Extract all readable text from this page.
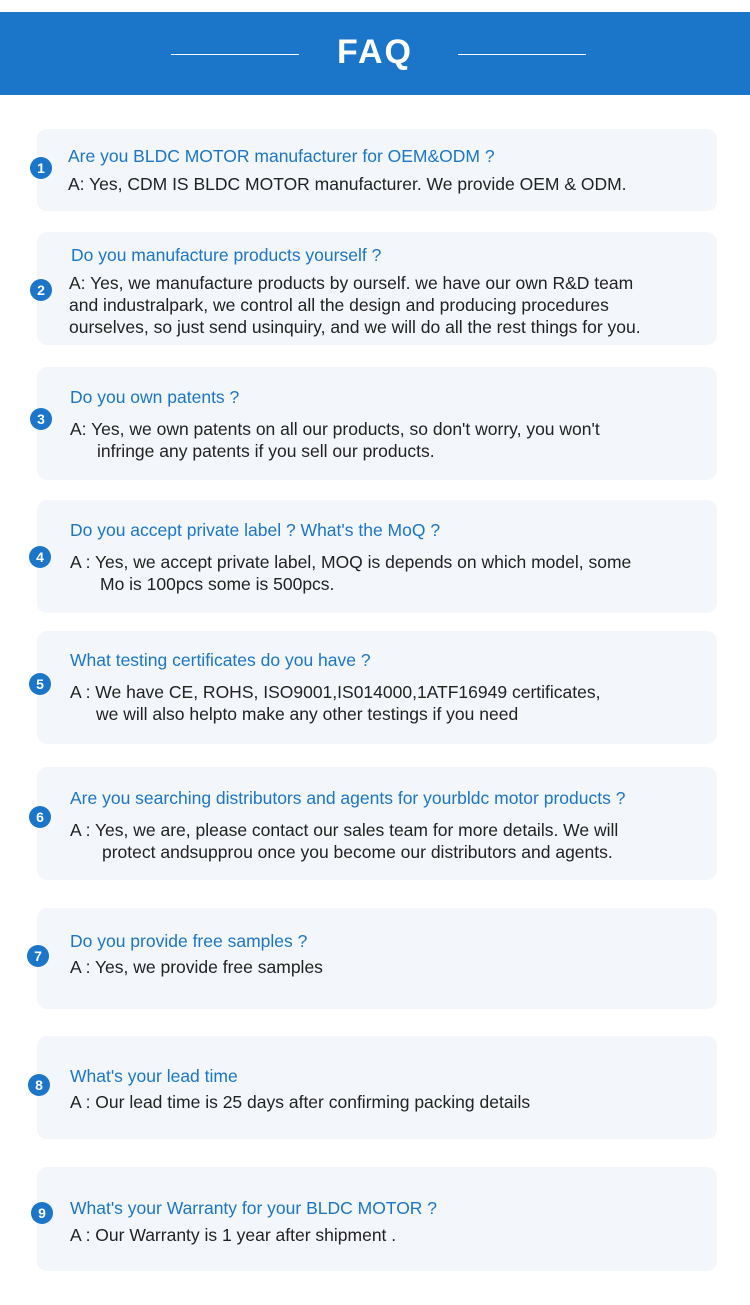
FAQ
1
Are you BLDC MOTOR manufacturer for OEM&ODM ?
A: Yes, CDM IS BLDC MOTOR manufacturer. We provide OEM & ODM.
2
Do you manufacture products yourself ?
A: Yes, we manufacture products by ourself. we have our own R&D team
and industralpark, we control all the design and producing procedures
ourselves, so just send usinquiry, and we will do all the rest things for you.
3
Do you own patents ?
A: Yes, we own patents on all our products, so don't worry, you won't
infringe any patents if you sell our products.
4
Do you accept private label ? What's the MoQ ?
A : Yes, we accept private label, MOQ is depends on which model, some
Mo is 100pcs some is 500pcs.
5
What testing certificates do you have ?
A : We have CE, ROHS, ISO9001,IS014000,1ATF16949 certificates,
we will also helpto make any other testings if you need
6
Are you searching distributors and agents for yourbldc motor products ?
A : Yes, we are, please contact our sales team for more details. We will
protect andsupprou once you become our distributors and agents.
7
Do you provide free samples ?
A : Yes, we provide free samples
8	What's your lead time
A : Our lead time is 25 days after confirming packing details
9	What's your Warranty for your BLDC MOTOR ?
A : Our Warranty is 1 year after shipment .
